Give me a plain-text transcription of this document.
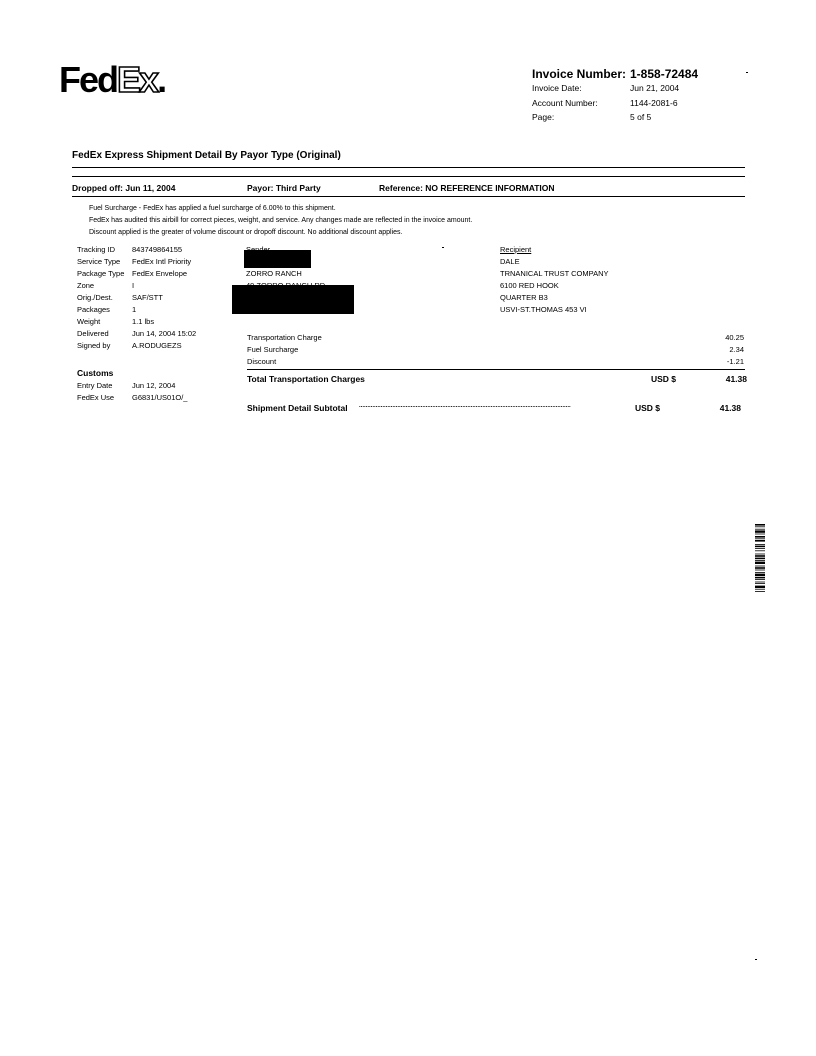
FedEx.	Invoice Number: 1-858-72484
Invoice Date:	Jun 21, 2004
Account Number:	1144-2081-6
Page:	5 of 5
FedEx Express Shipment Detail By Payor Type (Original)
Dropped off: Jun 11, 2004	Payor: Third Party	Reference: NO REFERENCE INFORMATION
Fuel Surcharge - FedEx has applied a fuel surcharge of 6.00% to this shipment.
FedEx has audited this airbill for correct pieces, weight, and service. Any changes made are reflected in the invoice amount.
Discount applied is the greater of volume discount or dropoff discount. No additional discount applies.
Tracking ID 843749864155
Service Type FedEx Intl Priority
Package Type FedEx Envelope
Zone	I
Orig./Dest.	SAF/STT
Packages	1
Weight	1.1 lbs
Delivered	Jun 14, 2004 15:02
Signed by	A.RODUGEZS
Customs
Entry Date	Jun 12, 2004
FedEx Use G6831/US01O/_
ZORRO RANCH
Recipient
DALE
TRNANICAL TRUST COMPANY
6100 RED HOOK
QUARTER B3
USVI-ST.THOMAS 453 VI
Transportation Charge	40.25
Fuel Surcharge	2.34
Discount	-1.21
Total Transportation Charges	USD $	41.38
Shipment Detail Subtotal ...............................................................................................................................	USD $	41.38
